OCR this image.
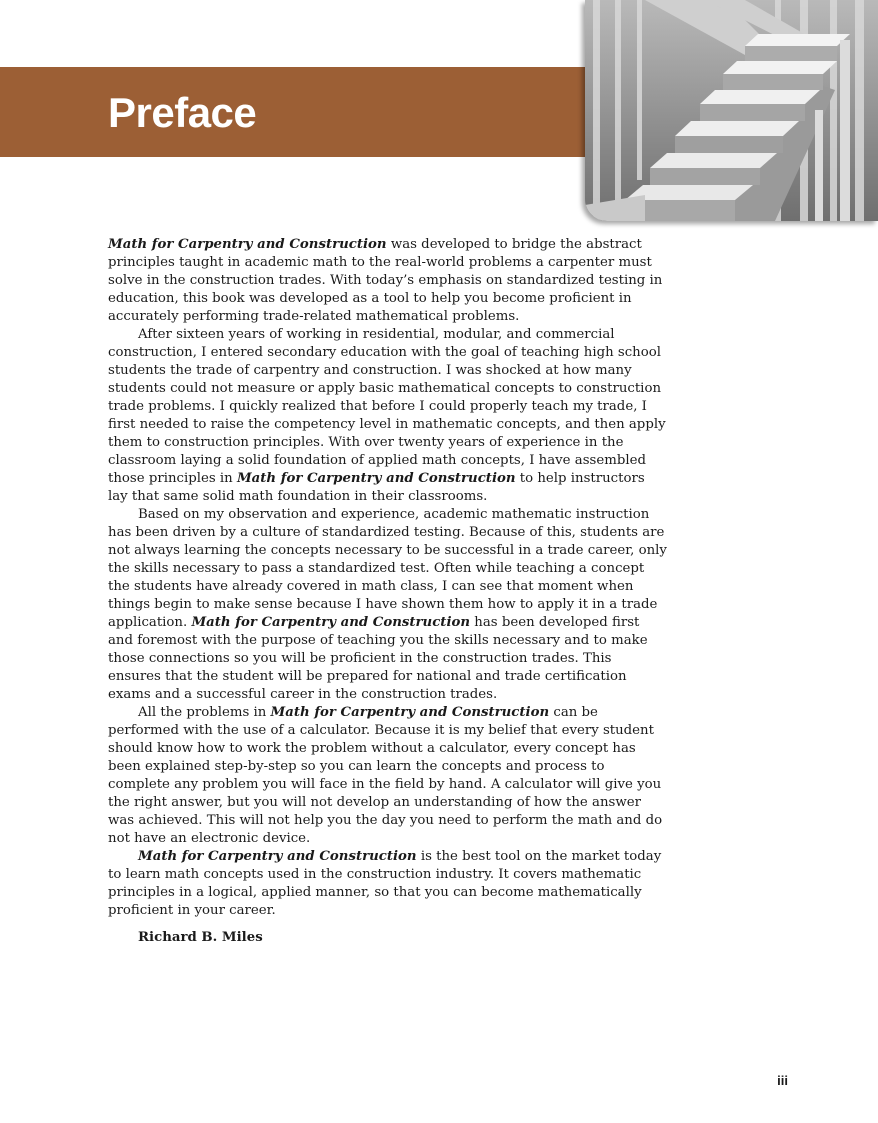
Preface

Math for Carpentry and Construction was developed to bridge the abstract principles taught in academic math to the real-world problems a carpenter must solve in the construction trades. With today’s emphasis on standardized testing in education, this book was developed as a tool to help you become proficient in accurately performing trade-related mathematical problems.

After sixteen years of working in residential, modular, and commercial construction, I entered secondary education with the goal of teaching high school students the trade of carpentry and construction. I was shocked at how many students could not measure or apply basic mathematical concepts to construction trade problems. I quickly realized that before I could properly teach my trade, I first needed to raise the competency level in mathematic concepts, and then apply them to construction principles. With over twenty years of experience in the classroom laying a solid foundation of applied math concepts, I have assembled those principles in Math for Carpentry and Construction to help instructors lay that same solid math foundation in their classrooms.

Based on my observation and experience, academic mathematic instruction has been driven by a culture of standardized testing. Because of this, students are not always learning the concepts necessary to be successful in a trade career, only the skills necessary to pass a standardized test. Often while teaching a concept the students have already covered in math class, I can see that moment when things begin to make sense because I have shown them how to apply it in a trade application. Math for Carpentry and Construction has been developed first and foremost with the purpose of teaching you the skills necessary and to make those connections so you will be proficient in the construction trades. This ensures that the student will be prepared for national and trade certification exams and a successful career in the construction trades.

All the problems in Math for Carpentry and Construction can be performed with the use of a calculator. Because it is my belief that every student should know how to work the problem without a calculator, every concept has been explained step-by-step so you can learn the concepts and process to complete any problem you will face in the field by hand. A calculator will give you the right answer, but you will not develop an understanding of how the answer was achieved. This will not help you the day you need to perform the math and do not have an electronic device.

Math for Carpentry and Construction is the best tool on the market today to learn math concepts used in the construction industry. It covers mathematic principles in a logical, applied manner, so that you can become mathematically proficient in your career.

Richard B. Miles
iii
